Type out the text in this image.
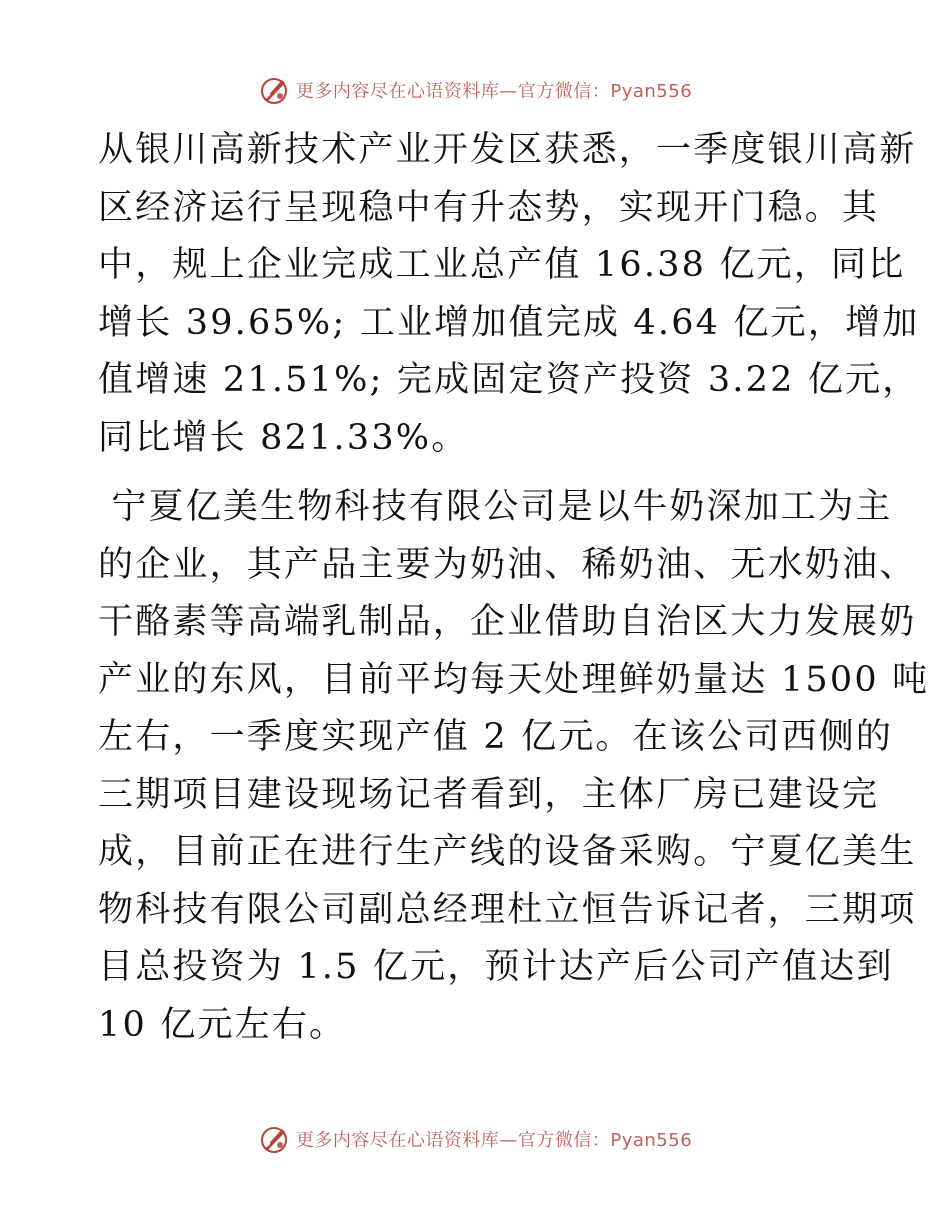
更多内容尽在心语资料库—官方微信：Pyan556

从银川高新技术产业开发区获悉，一季度银川高新
区经济运行呈现稳中有升态势，实现开门稳。其
中，规上企业完成工业总产值 16.38 亿元，同比
增长 39.65%; 工业增加值完成 4.64 亿元，增加
值增速 21.51%; 完成固定资产投资 3.22 亿元，
同比增长 821.33%。

宁夏亿美生物科技有限公司是以牛奶深加工为主
的企业，其产品主要为奶油、稀奶油、无水奶油、
干酪素等高端乳制品，企业借助自治区大力发展奶
产业的东风，目前平均每天处理鲜奶量达 1500 吨
左右，一季度实现产值 2 亿元。在该公司西侧的
三期项目建设现场记者看到，主体厂房已建设完
成，目前正在进行生产线的设备采购。宁夏亿美生
物科技有限公司副总经理杜立恒告诉记者，三期项
目总投资为 1.5 亿元，预计达产后公司产值达到
10 亿元左右。

更多内容尽在心语资料库—官方微信：Pyan556
